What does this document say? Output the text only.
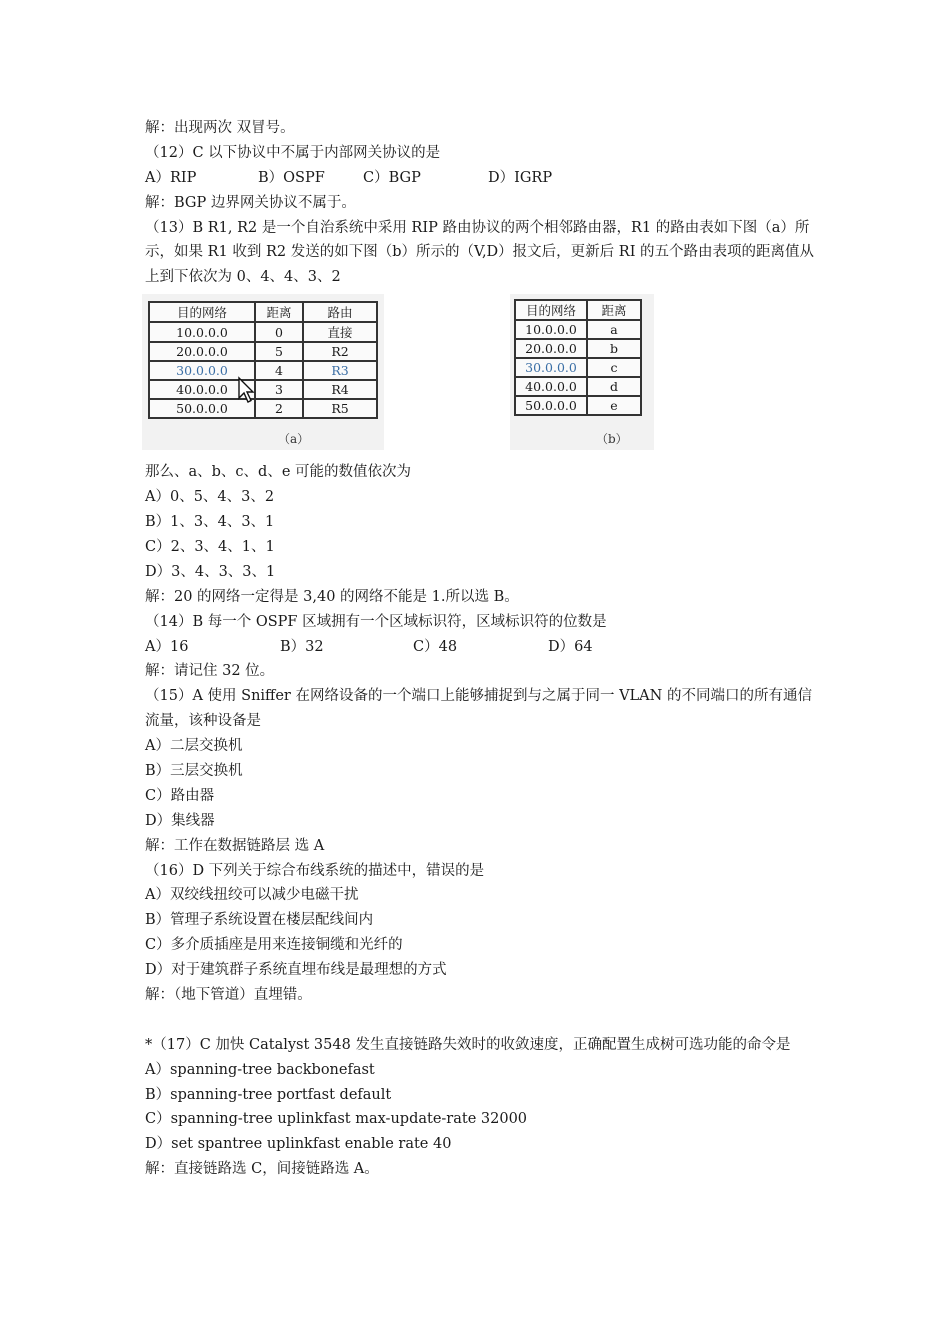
解：出现两次 双冒号。
（12）C 以下协议中不属于内部网关协议的是
A）RIP	B）OSPF	C）BGP	D）IGRP
解：BGP 边界网关协议不属于。
（13）B R1, R2 是一个自治系统中采用 RIP 路由协议的两个相邻路由器，R1 的路由表如下图（a）所示，如果 R1 收到 R2 发送的如下图（b）所示的（V,D）报文后，更新后 RI 的五个路由表项的距离值从上到下依次为 0、4、4、3、2
目的网络	距离	路由
10.0.0.0	0	直接
20.0.0.0	5	R2
30.0.0.0	4	R3
40.0.0.0	3	R4
50.0.0.0	2	R5
（a）
目的网络	距离
10.0.0.0	a
20.0.0.0	b
30.0.0.0	c
40.0.0.0	d
50.0.0.0	e
（b）
那么、a、b、c、d、e 可能的数值依次为
A）0、5、4、3、2
B）1、3、4、3、1
C）2、3、4、1、1
D）3、4、3、3、1
解：20 的网络一定得是 3,40 的网络不能是 1.所以选 B。
（14）B 每一个 OSPF 区域拥有一个区域标识符，区域标识符的位数是
A）16	B）32	C）48	D）64
解：请记住 32 位。
（15）A 使用 Sniffer 在网络设备的一个端口上能够捕捉到与之属于同一 VLAN 的不同端口的所有通信流量，该种设备是
A）二层交换机
B）三层交换机
C）路由器
D）集线器
解：工作在数据链路层 选 A
（16）D 下列关于综合布线系统的描述中，错误的是
A）双绞线扭绞可以减少电磁干扰
B）管理子系统设置在楼层配线间内
C）多介质插座是用来连接铜缆和光纤的
D）对于建筑群子系统直埋布线是最理想的方式
解：（地下管道）直埋错。
*（17）C 加快 Catalyst 3548 发生直接链路失效时的收敛速度，正确配置生成树可选功能的命令是
A）spanning-tree backbonefast
B）spanning-tree portfast default
C）spanning-tree uplinkfast max-update-rate 32000
D）set spantree uplinkfast enable rate 40
解：直接链路选 C，间接链路选 A。
